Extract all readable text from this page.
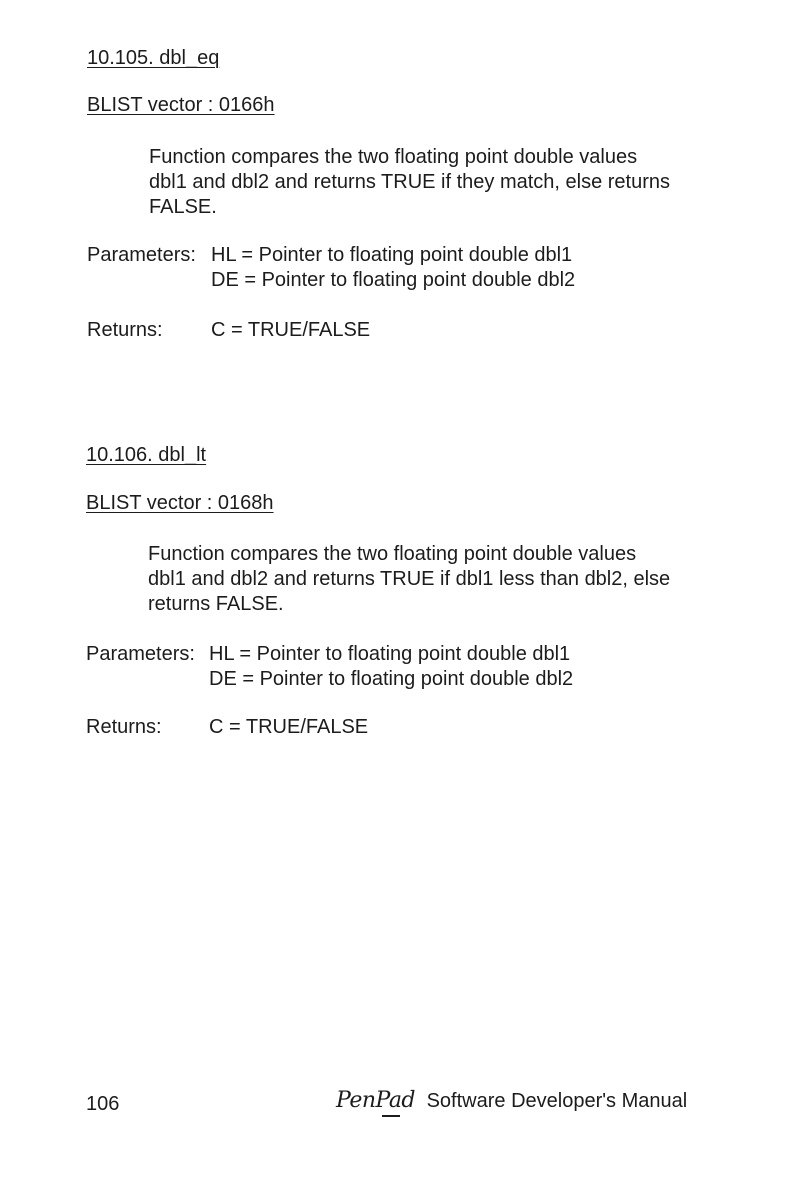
10.105. dbl_eq
BLIST vector : 0166h
Function compares the two floating point double values
dbl1 and dbl2 and returns TRUE if they match, else returns
FALSE.
Parameters: HL = Pointer to floating point double dbl1
DE = Pointer to floating point double dbl2
Returns: C = TRUE/FALSE
10.106. dbl_lt
BLIST vector : 0168h
Function compares the two floating point double values
dbl1 and dbl2 and returns TRUE if dbl1 less than dbl2, else
returns FALSE.
Parameters: HL = Pointer to floating point double dbl1
DE = Pointer to floating point double dbl2
Returns: C = TRUE/FALSE
106	PenPad Software Developer's Manual
